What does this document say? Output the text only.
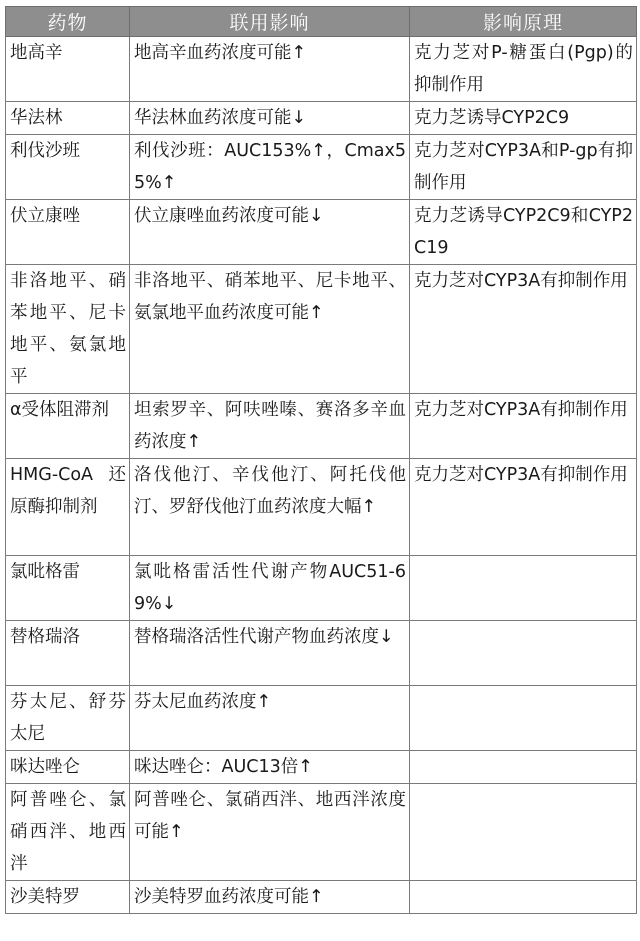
药物	联用影响	影响原理
地高辛	地高辛血药浓度可能↑	克力芝对P-糖蛋白(Pgp)的抑制作用
华法林	华法林血药浓度可能↓	克力芝诱导CYP2C9
利伐沙班	利伐沙班：AUC153%↑，Cmax55%↑	克力芝对CYP3A和P-gp有抑制作用
伏立康唑	伏立康唑血药浓度可能↓	克力芝诱导CYP2C9和CYP2C19
非洛地平、硝苯地平、尼卡地平、氨氯地平	非洛地平、硝苯地平、尼卡地平、氨氯地平血药浓度可能↑	克力芝对CYP3A有抑制作用
α受体阻滞剂	坦索罗辛、阿呋唑嗪、赛洛多辛血药浓度↑	克力芝对CYP3A有抑制作用
HMG-CoA还原酶抑制剂	洛伐他汀、辛伐他汀、阿托伐他汀、罗舒伐他汀血药浓度大幅↑	克力芝对CYP3A有抑制作用
氯吡格雷	氯吡格雷活性代谢产物AUC51-69%↓	
替格瑞洛	替格瑞洛活性代谢产物血药浓度↓	
芬太尼、舒芬太尼	芬太尼血药浓度↑	
咪达唑仑	咪达唑仑：AUC13倍↑	
阿普唑仑、氯硝西泮、地西泮	阿普唑仑、氯硝西泮、地西泮浓度可能↑	
沙美特罗	沙美特罗血药浓度可能↑	
